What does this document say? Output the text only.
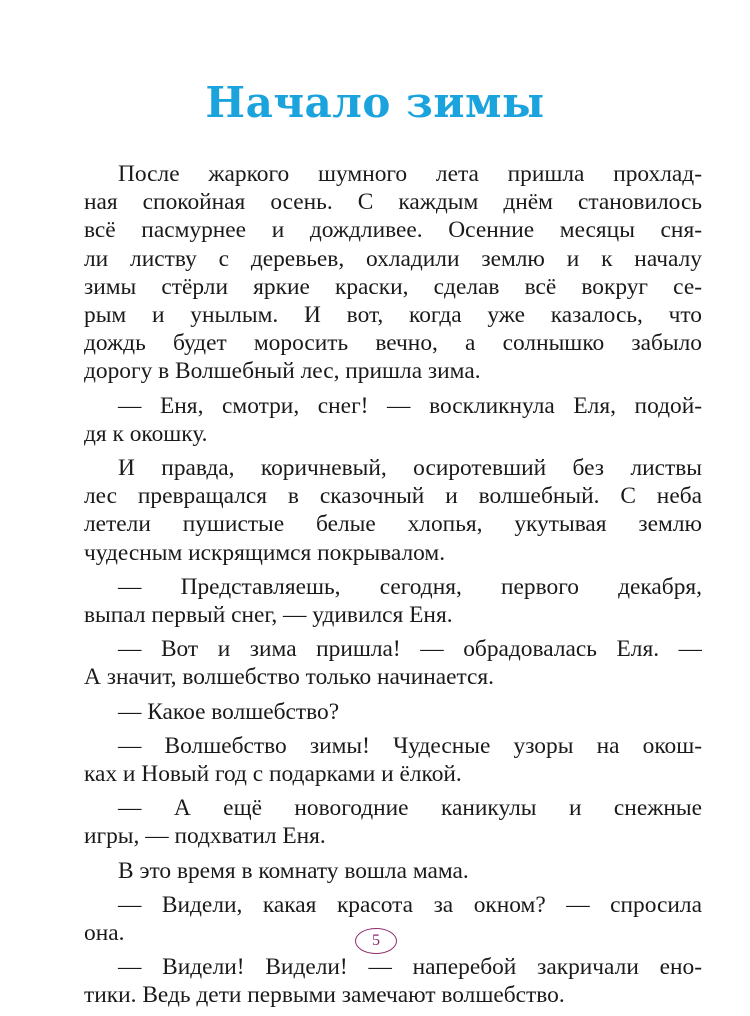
Начало зимы

После жаркого шумного лета пришла прохлад-
ная спокойная осень. С каждым днём становилось
всё пасмурнее и дождливее. Осенние месяцы сня-
ли листву с деревьев, охладили землю и к началу
зимы стёрли яркие краски, сделав всё вокруг се-
рым и унылым. И вот, когда уже казалось, что
дождь будет моросить вечно, а солнышко забыло
дорогу в Волшебный лес, пришла зима.

— Еня, смотри, снег! — воскликнула Еля, подой-
дя к окошку.

И правда, коричневый, осиротевший без листвы
лес превращался в сказочный и волшебный. С неба
летели пушистые белые хлопья, укутывая землю
чудесным искрящимся покрывалом.

— Представляешь, сегодня, первого декабря,
выпал первый снег, — удивился Еня.

— Вот и зима пришла! — обрадовалась Еля. —
А значит, волшебство только начинается.

— Какое волшебство?

— Волшебство зимы! Чудесные узоры на окош-
ках и Новый год с подарками и ёлкой.

— А ещё новогодние каникулы и снежные
игры, — подхватил Еня.

В это время в комнату вошла мама.

— Видели, какая красота за окном? — спросила
она.

— Видели! Видели! — наперебой закричали ено-
тики. Ведь дети первыми замечают волшебство.

5
